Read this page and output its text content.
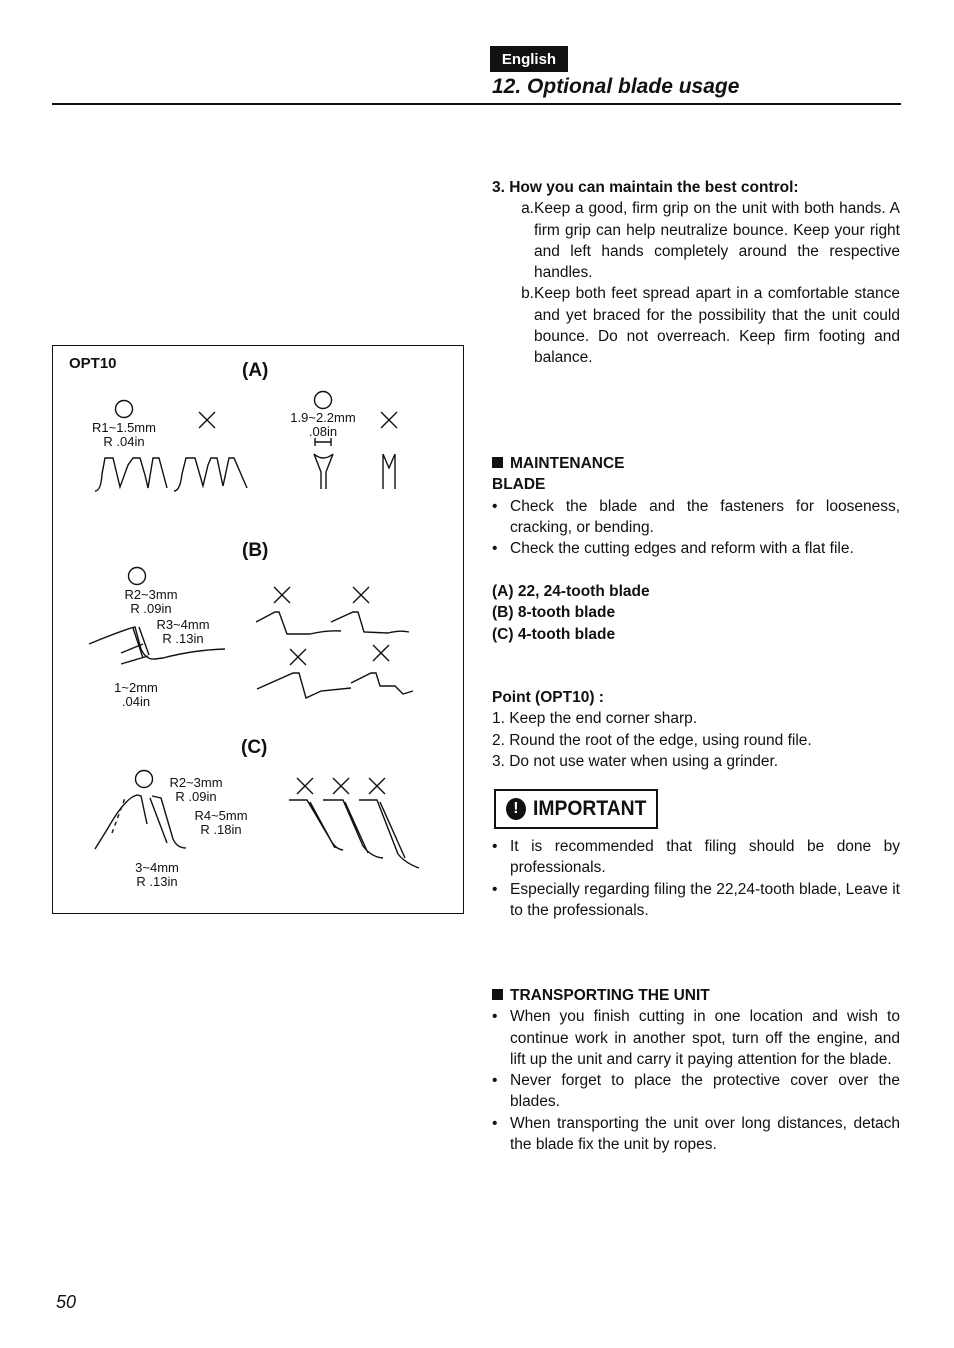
English
12. Optional blade usage
3. How you can maintain the best control:
a. Keep a good, firm grip on the unit with both hands. A firm grip can help neutralize bounce. Keep your right and left hands completely around the respective handles.
b. Keep both feet spread apart in a comfortable stance and yet braced for the possibility that the unit could bounce. Do not overreach. Keep firm footing and balance.
MAINTENANCE
BLADE
• Check the blade and the fasteners for looseness, cracking, or bending.
• Check the cutting edges and reform with a flat file.
(A) 22, 24-tooth blade
(B) 8-tooth blade
(C) 4-tooth blade
Point (OPT10) :
1. Keep the end corner sharp.
2. Round the root of the edge, using round file.
3. Do not use water when using a grinder.
! IMPORTANT
• It is recommended that filing should be done by professionals.
• Especially regarding filing the 22,24-tooth blade, Leave it to the professionals.
TRANSPORTING THE UNIT
• When you finish cutting in one location and wish to continue work in another spot, turn off the engine, and lift up the unit and carry it paying attention for the blade.
• Never forget to place the protective cover over the blades.
• When transporting the unit over long distances, detach the blade fix the unit by ropes.
OPT10	(A)
R1~1.5mm
R .04in
1.9~2.2mm
.08in
(B)
R2~3mm
R .09in
R3~4mm
R .13in
1~2mm
.04in
(C)
R2~3mm
R .09in
R4~5mm
R .18in
3~4mm
R .13in
50
